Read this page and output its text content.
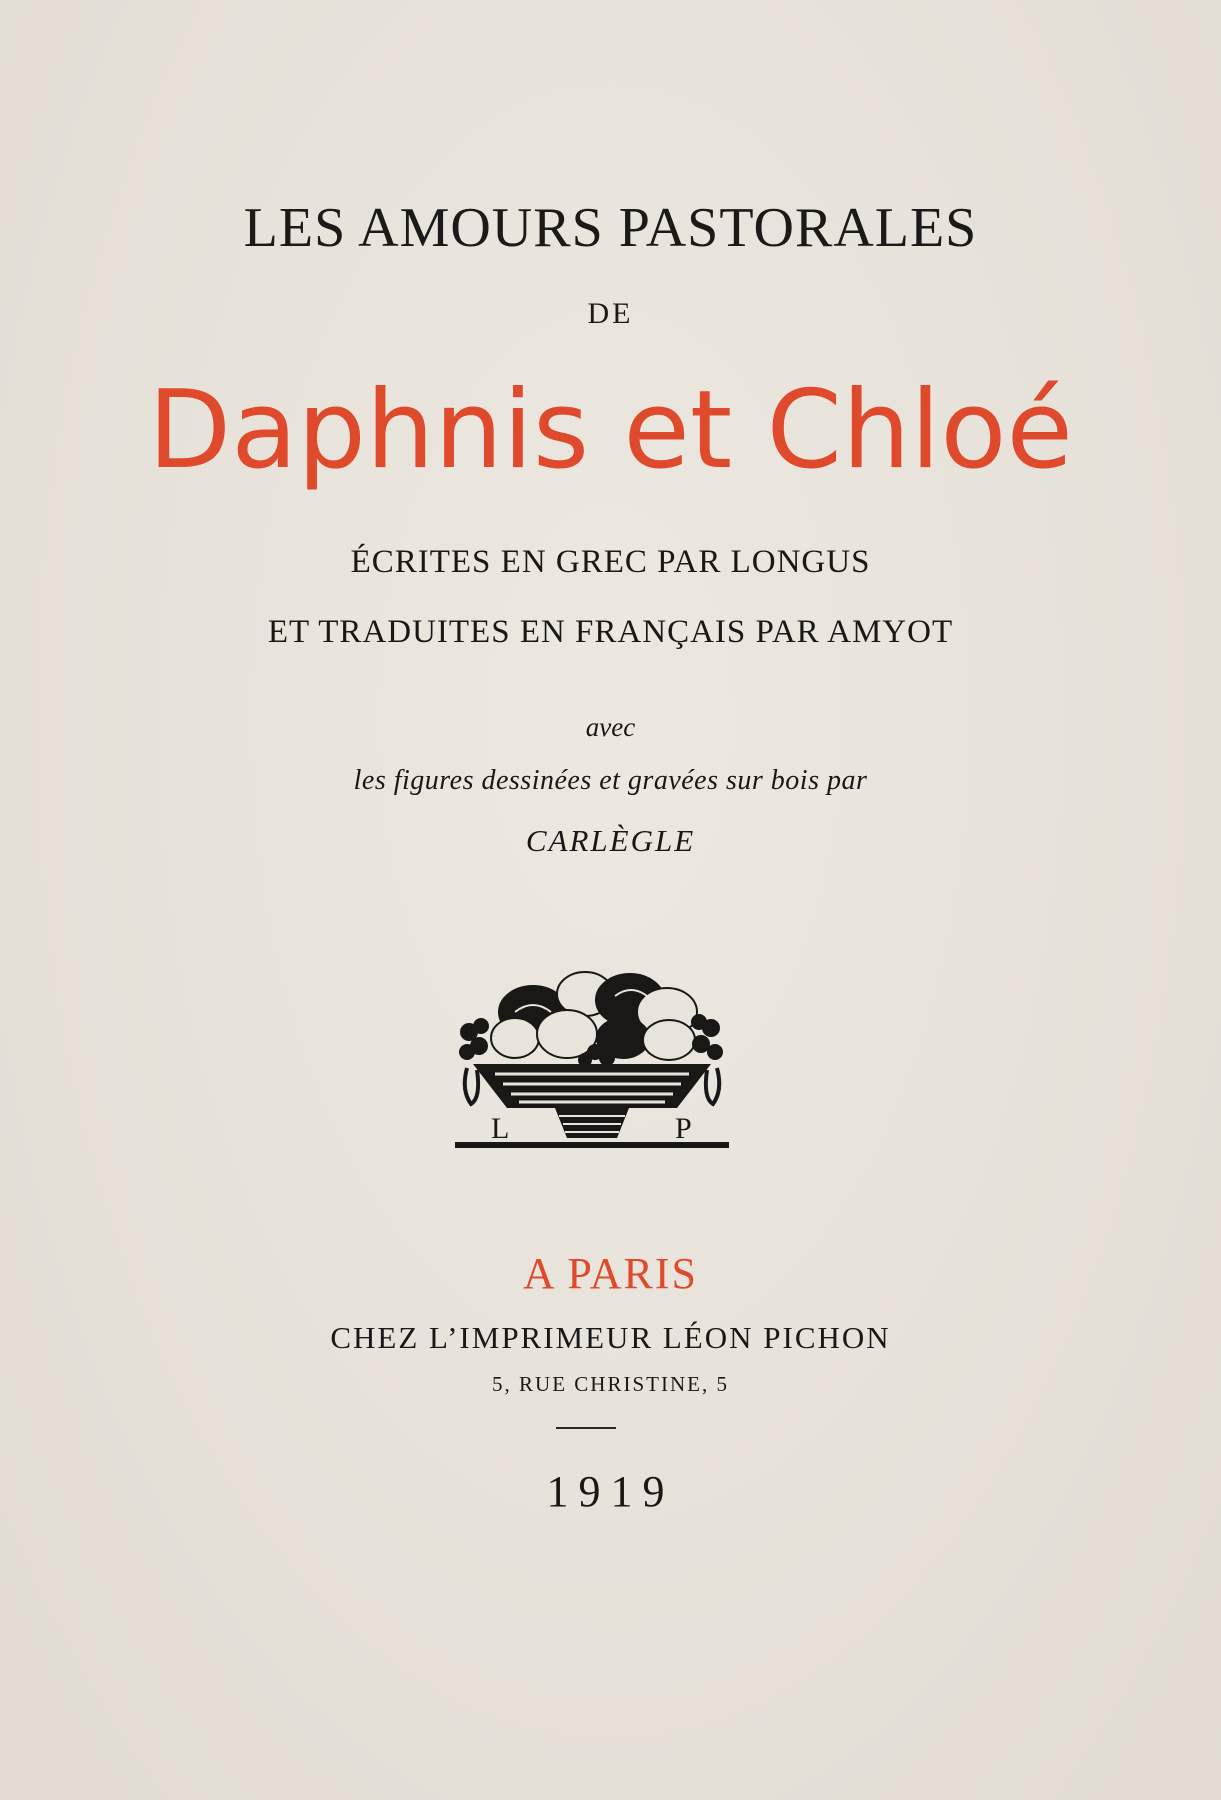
LES AMOURS PASTORALES
DE
Daphnis et Chloé
ÉCRITES EN GREC PAR LONGUS
ET TRADUITES EN FRANÇAIS PAR AMYOT
avec
les figures dessinées et gravées sur bois par
CARLÈGLE
L	P
A PARIS
CHEZ L’IMPRIMEUR LÉON PICHON
5, RUE CHRISTINE, 5
1919
